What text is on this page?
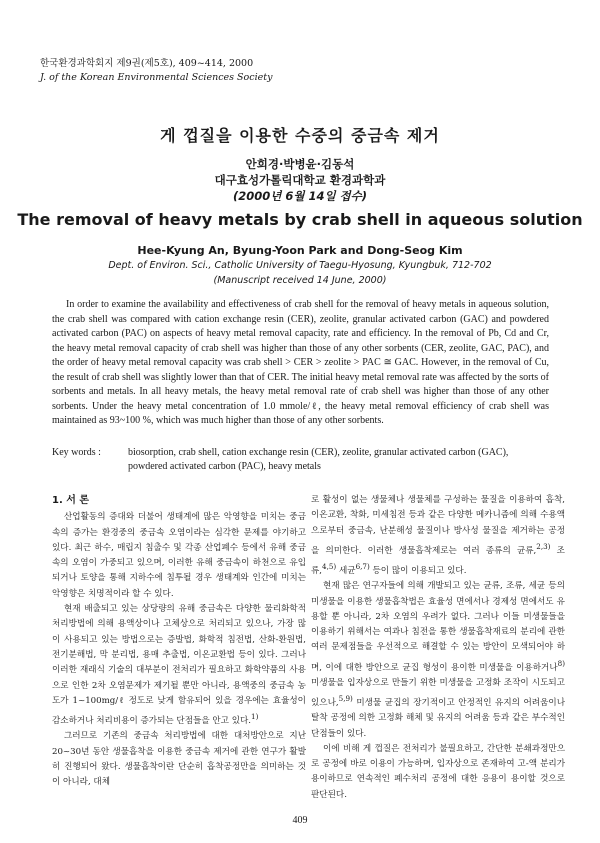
한국환경과학회지 제9권(제5호), 409~414, 2000
J. of the Korean Environmental Sciences Society
게 껍질을 이용한 수중의 중금속 제거
안희경·박병윤·김동석
대구효성가톨릭대학교 환경과학과
(2000년 6월 14일 접수)
The removal of heavy metals by crab shell in aqueous solution
Hee-Kyung An, Byung-Yoon Park and Dong-Seog Kim
Dept. of Environ. Sci., Catholic University of Taegu-Hyosung, Kyungbuk, 712-702
(Manuscript received 14 June, 2000)

In order to examine the availability and effectiveness of crab shell for the removal of heavy metals in aqueous solution, the crab shell was compared with cation exchange resin (CER), zeolite, granular activated carbon (GAC) and powdered activated carbon (PAC) on aspects of heavy metal removal capacity, rate and efficiency. In the removal of Pb, Cd and Cr, the heavy metal removal capacity of crab shell was higher than those of any other sorbents (CER, zeolite, GAC, PAC), and the order of heavy metal removal capacity was crab shell > CER > zeolite > PAC ≅ GAC. However, in the removal of Cu, the result of crab shell was slightly lower than that of CER. The initial heavy metal removal rate was affected by the sorts of sorbents and metals. In all heavy metals, the heavy metal removal rate of crab shell was higher than those of any other sorbents. Under the heavy metal concentration of 1.0 mmole/ℓ, the heavy metal removal efficiency of crab shell was maintained as 93~100 %, which was much higher than those of any other sorbents.

Key words :	biosorption, crab shell, cation exchange resin (CER), zeolite, granular activated carbon (GAC),
powdered activated carbon (PAC), heavy metals
1. 서 론

산업활동의 증대와 더불어 생태계에 많은 악영향을 미치는 중금속의 증가는 환경중의 중금속 오염이라는 심각한 문제를 야기하고 있다. 최근 하수, 매립지 침출수 및 각종 산업폐수 등에서 유해 중금속의 오염이 가중되고 있으며, 이러한 유해 중금속이 하천으로 유입되거나 토양을 통해 지하수에 침투될 경우 생태계와 인간에 미치는 악영향은 치명적이라 할 수 있다.

현재 배출되고 있는 상당량의 유해 중금속은 다양한 물리화학적 처리방법에 의해 용액상이나 고체상으로 처리되고 있으나, 가장 많이 사용되고 있는 방법으로는 증발법, 화학적 침전법, 산화-환원법, 전기분해법, 막 분리법, 용매 추출법, 이온교환법 등이 있다. 그러나 이러한 재래식 기술의 대부분이 전처리가 필요하고 화학약품의 사용으로 인한 2차 오염문제가 제기될 뿐만 아니라, 용액중의 중금속 농도가 1~100mg/ℓ 정도로 낮게 함유되어 있을 경우에는 효율성이 감소하거나 처리비용이 증가되는 단점들을 안고 있다.$^{1)}$

그러므로 기존의 중금속 처리방법에 대한 대처방안으로 지난 20~30년 동안 생물흡착을 이용한 중금속 제거에 관한 연구가 활발히 진행되어 왔다. 생물흡착이란 단순히 흡착공정만을 의미하는 것이 아니라, 대체

로 활성이 없는 생물체나 생물체를 구성하는 물질을 이용하여 흡착, 이온교환, 착화, 미세침전 등과 같은 다양한 메카니즘에 의해 수용액으로부터 중금속, 난분해성 물질이나 방사성 물질을 제거하는 공정을 의미한다. 이러한 생물흡착제로는 여러 종류의 균류,$^{2,3)}$ 조류,$^{4,5)}$ 세균$^{6,7)}$ 등이 많이 이용되고 있다.

현재 많은 연구자들에 의해 개발되고 있는 균류, 조류, 세균 등의 미생물을 이용한 생물흡착법은 효율성 면에서나 경제성 면에서도 유용할 뿐 아니라, 2차 오염의 우려가 없다. 그러나 이들 미생물들을 이용하기 위해서는 여과나 침전을 통한 생물흡착재료의 분리에 관한 여러 문제점들을 우선적으로 해결할 수 있는 방안이 모색되어야 하며, 이에 대한 방안으로 균집 형성이 용이한 미생물을 이용하거나$^{8)}$ 미생물을 입자상으로 만들기 위한 미생물을 고정화 조작이 시도되고 있으나,$^{5,9)}$ 미생물 균집의 장기적이고 안정적인 유지의 어려움이나 탈착 공정에 의한 고정화 해체 및 유지의 어려움 등과 같은 부수적인 단점들이 있다.

이에 비해 게 껍질은 전처리가 불필요하고, 간단한 분쇄과정만으로 공정에 바로 이용이 가능하며, 입자상으로 존재하여 고-액 분리가 용이하므로 연속적인 폐수처리 공정에 대한 응용이 용이할 것으로 판단된다.

409
